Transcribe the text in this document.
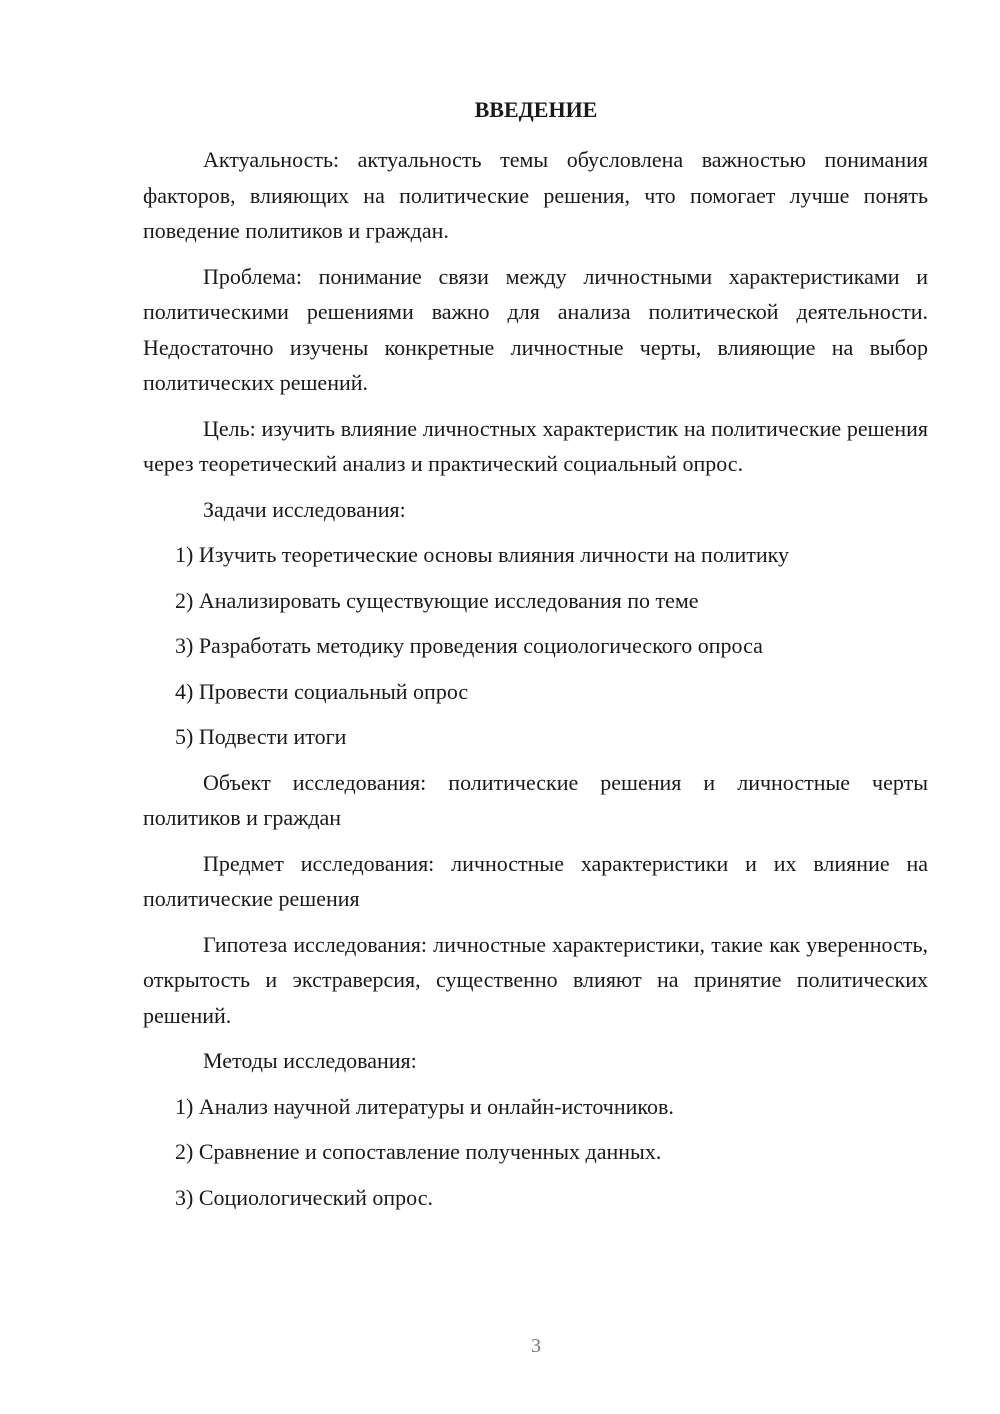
ВВЕДЕНИЕ

Актуальность: актуальность темы обусловлена важностью понимания факторов, влияющих на политические решения, что помогает лучше понять поведение политиков и граждан.

Проблема: понимание связи между личностными характеристиками и политическими решениями важно для анализа политической деятельности. Недостаточно изучены конкретные личностные черты, влияющие на выбор политических решений.

Цель: изучить влияние личностных характеристик на политические решения через теоретический анализ и практический социальный опрос.

Задачи исследования:

1) Изучить теоретические основы влияния личности на политику
2) Анализировать существующие исследования по теме
3) Разработать методику проведения социологического опроса
4) Провести социальный опрос
5) Подвести итоги

Объект исследования: политические решения и личностные черты политиков и граждан

Предмет исследования: личностные характеристики и их влияние на политические решения

Гипотеза исследования: личностные характеристики, такие как уверенность, открытость и экстраверсия, существенно влияют на принятие политических решений.

Методы исследования:

1) Анализ научной литературы и онлайн-источников.
2) Сравнение и сопоставление полученных данных.
3) Социологический опрос.
3
